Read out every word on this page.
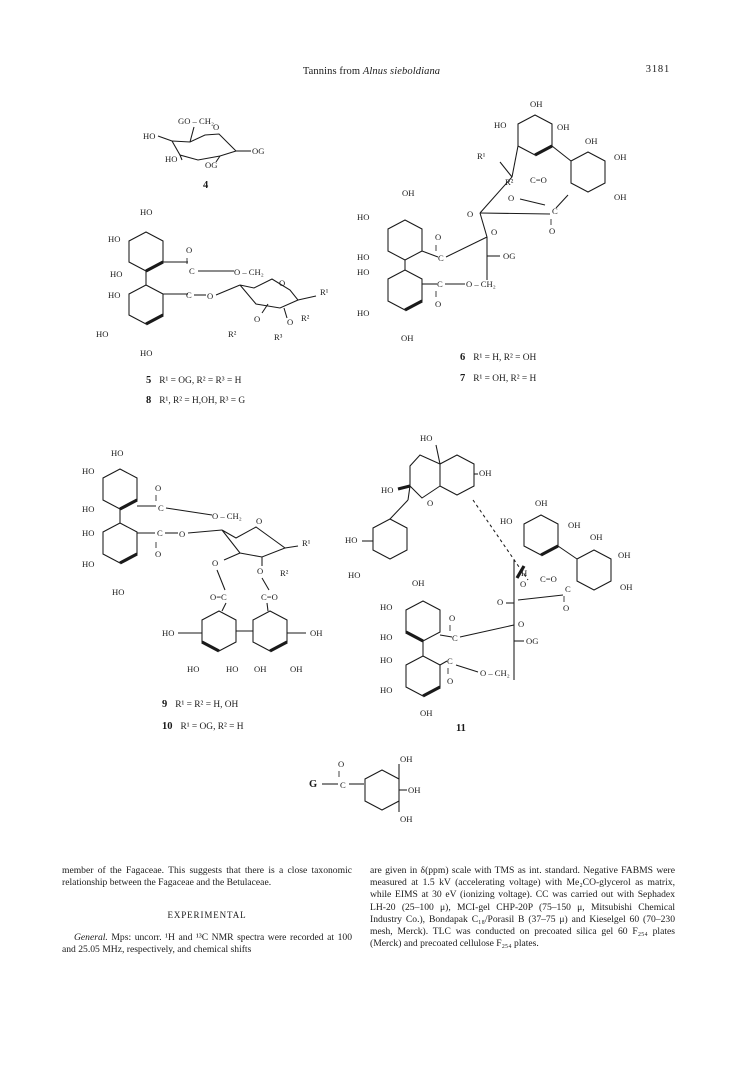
Tannins from Alnus sieboldiana	3181
GO – CH₂
HO
O
HO
OG
OG
4
HO
HO
HO
HO
HO
HO
O
‖
C	O – CH₂
C O
O
R¹
O	O
R²	R³
R²
5 R¹ = OG, R² = R³ = H
8 R¹, R² = H,OH, R³ = G
OH
HO	OH
OH
OH
OH
R¹
R² C=O
O
C
‖
O
O
OH
HO
HO
HO
HO
OH
O
‖
C
C
‖
O
O – CH₂
O
OG
6 R¹ = H, R² = OH
7 R¹ = OH, R² = H
HO
HO
HO
HO
HO
HO
O
‖
C
O – CH₂
C O
‖
O
O
R¹
O
O R²
O=C	C=O
HO	OH
HO	HO OH	OH
9 R¹ = R² = H, OH
10 R¹ = OG, R² = H
HO
OH
HO
O
HO
HO
OH
HO	OH
OH
OH
OH
H
C=O
O	C
‖
O
O
OH
HO
HO
HO
HO
OH
O
‖
C
O
OG
C
‖
O
O – CH₂
11
G
O
‖
C
OH
OH
OH

member of the Fagaceae. This suggests that there is a close taxonomic relationship between the Fagaceae and the Betulaceae.

EXPERIMENTAL

General. Mps: uncorr. ¹H and ¹³C NMR spectra were recorded at 100 and 25.05 MHz, respectively, and chemical shifts

are given in δ(ppm) scale with TMS as int. standard. Negative FABMS were measured at 1.5 kV (accelerating voltage) with Me₂CO-glycerol as matrix, while EIMS at 30 eV (ionizing voltage). CC was carried out with Sephadex LH-20 (25–100 μ), MCI-gel CHP-20P (75–150 μ, Mitsubishi Chemical Industry Co.), Bondapak C₁₈/Porasil B (37–75 μ) and Kieselgel 60 (70–230 mesh, Merck). TLC was conducted on precoated silica gel 60 F₂₅₄ plates (Merck) and precoated cellulose F₂₅₄ plates.
